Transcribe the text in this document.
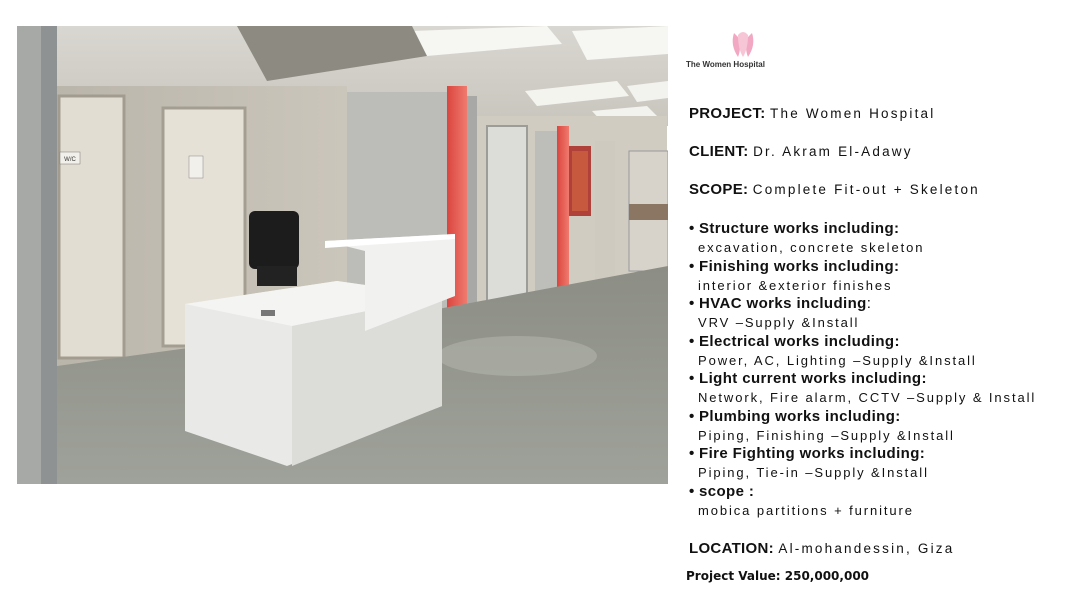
W/C
The Women Hospital
PROJECT: The Women Hospital
CLIENT: Dr. Akram El-Adawy
SCOPE: Complete Fit-out + Skeleton
• Structure works including:
excavation, concrete skeleton
• Finishing works including:
interior &exterior finishes
• HVAC works including:
VRV –Supply &Install
• Electrical works including:
Power, AC, Lighting –Supply &Install
• Light current works including:
Network, Fire alarm, CCTV –Supply & Install
• Plumbing works including:
Piping, Finishing –Supply &Install
• Fire Fighting works including:
Piping, Tie-in –Supply &Install
• scope :
mobica partitions + furniture
LOCATION: Al-mohandessin, Giza
Project Value: 250,000,000
